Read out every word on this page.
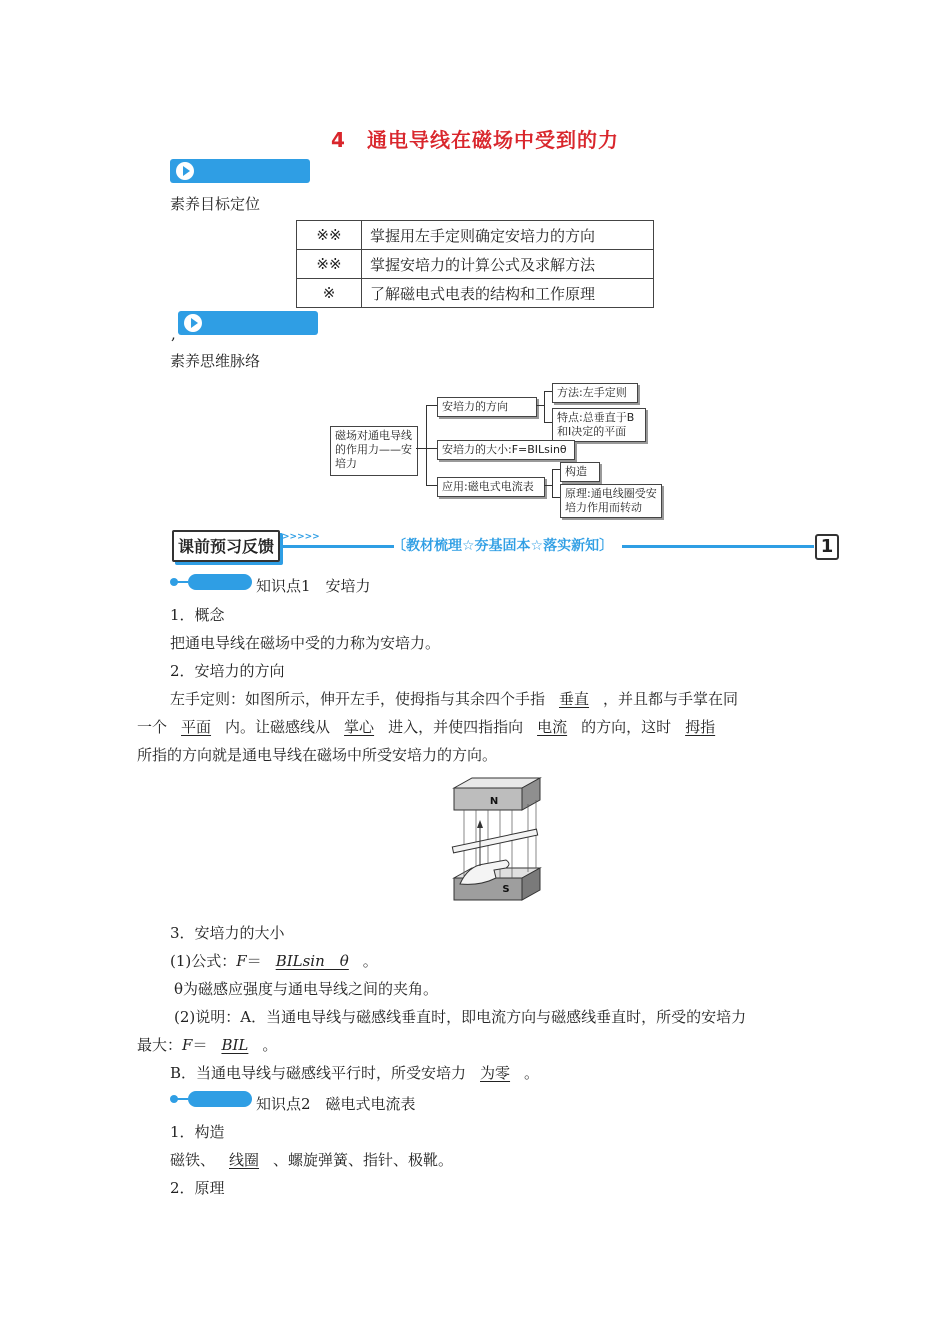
4　通电导线在磁场中受到的力
素养目标定位
※※	掌握用左手定则确定安培力的方向
※※	掌握安培力的计算公式及求解方法
※	了解磁电式电表的结构和工作原理
,
素养思维脉络
磁场对通电导线的作用力——安培力
安培力的方向
方法:左手定则
特点:总垂直于B和I决定的平面
安培力的大小:F=BILsinθ
应用:磁电式电流表
构造
原理:通电线圈受安培力作用而转动
课前预习反馈 >>>>>
〔教材梳理☆夯基固本☆落实新知〕	1
知识点1　安培力
1．概念
把通电导线在磁场中受的力称为安培力。
2．安培力的方向
左手定则：如图所示，伸开左手，使拇指与其余四个手指 垂直 ，并且都与手掌在同
一个 平面 内。让磁感线从 掌心 进入，并使四指指向 电流 的方向，这时 拇指
所指的方向就是通电导线在磁场中所受安培力的方向。
N
S
3．安培力的大小
(1)公式：F＝ BILsin　θ 。
θ为磁感应强度与通电导线之间的夹角。
(2)说明：A．当通电导线与磁感线垂直时，即电流方向与磁感线垂直时，所受的安培力
最大：F＝ BIL 。
B．当通电导线与磁感线平行时，所受安培力 为零 。
知识点2　磁电式电流表
1．构造
磁铁、 线圈 、螺旋弹簧、指针、极靴。
2．原理
